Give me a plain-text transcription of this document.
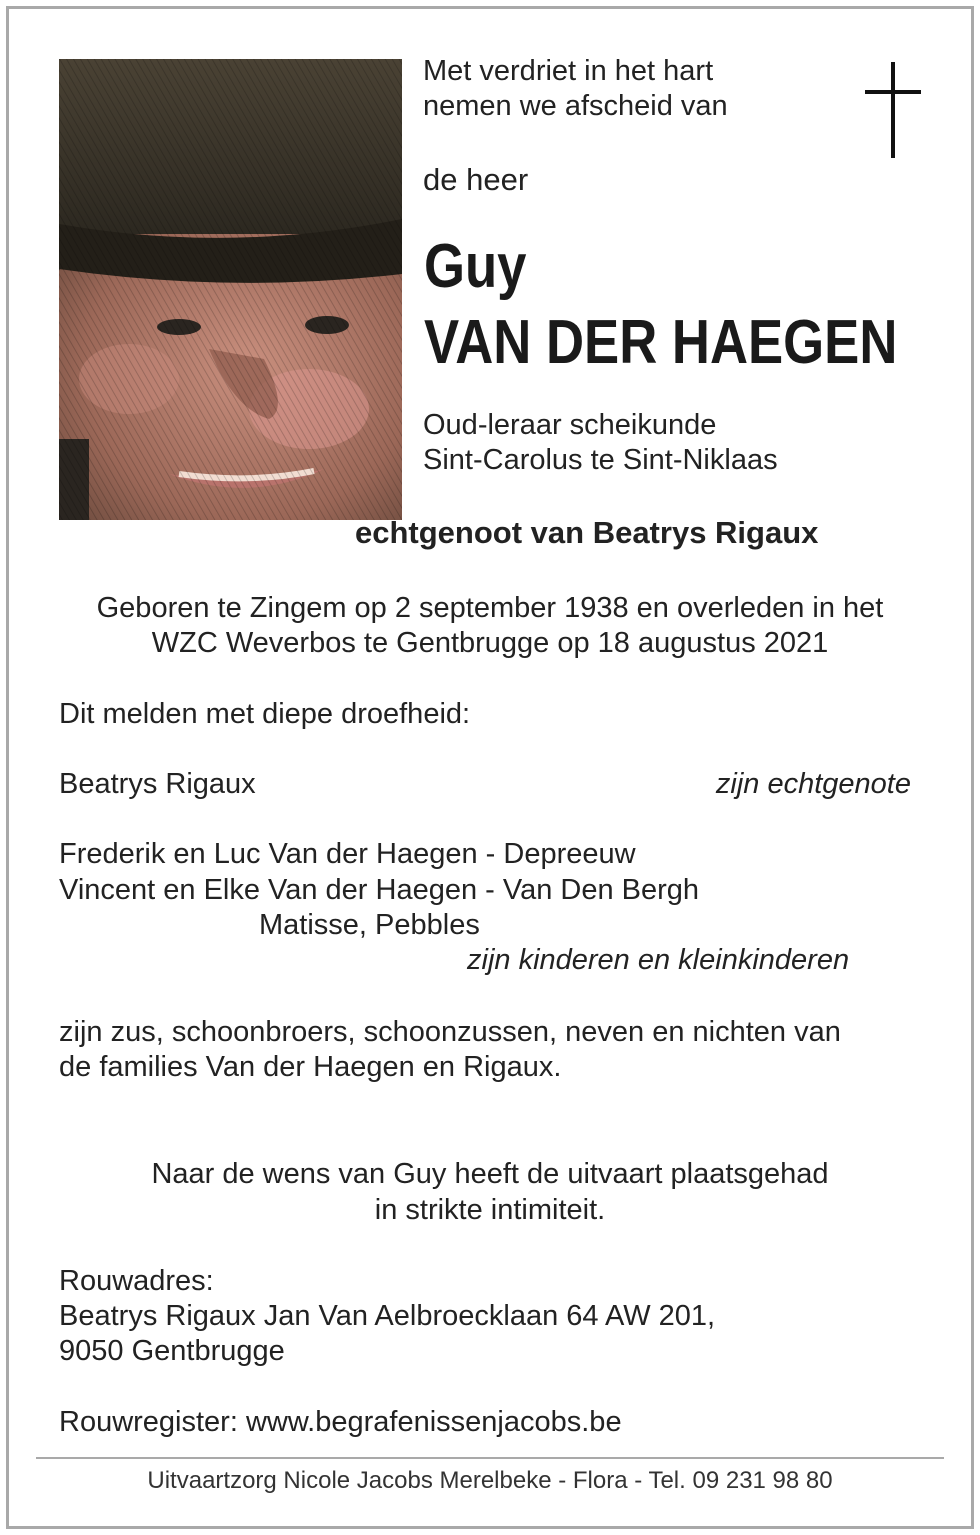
Met verdriet in het hart
nemen we afscheid van
de heer
Guy
VAN DER HAEGEN
Oud-leraar scheikunde
Sint-Carolus te Sint-Niklaas
echtgenoot van Beatrys Rigaux
Geboren te Zingem op 2 september 1938 en overleden in het
WZC Weverbos te Gentbrugge op 18 augustus 2021
Dit melden met diepe droefheid:
Beatrys Rigaux	zijn echtgenote
Frederik en Luc Van der Haegen - Depreeuw
Vincent en Elke Van der Haegen - Van Den Bergh
Matisse, Pebbles
zijn kinderen en kleinkinderen
zijn zus, schoonbroers, schoonzussen, neven en nichten van
de families Van der Haegen en Rigaux.
Naar de wens van Guy heeft de uitvaart plaatsgehad
in strikte intimiteit.
Rouwadres:
Beatrys Rigaux Jan Van Aelbroecklaan 64 AW 201,
9050 Gentbrugge
Rouwregister: www.begrafenissenjacobs.be
Uitvaartzorg Nicole Jacobs Merelbeke - Flora - Tel. 09 231 98 80
